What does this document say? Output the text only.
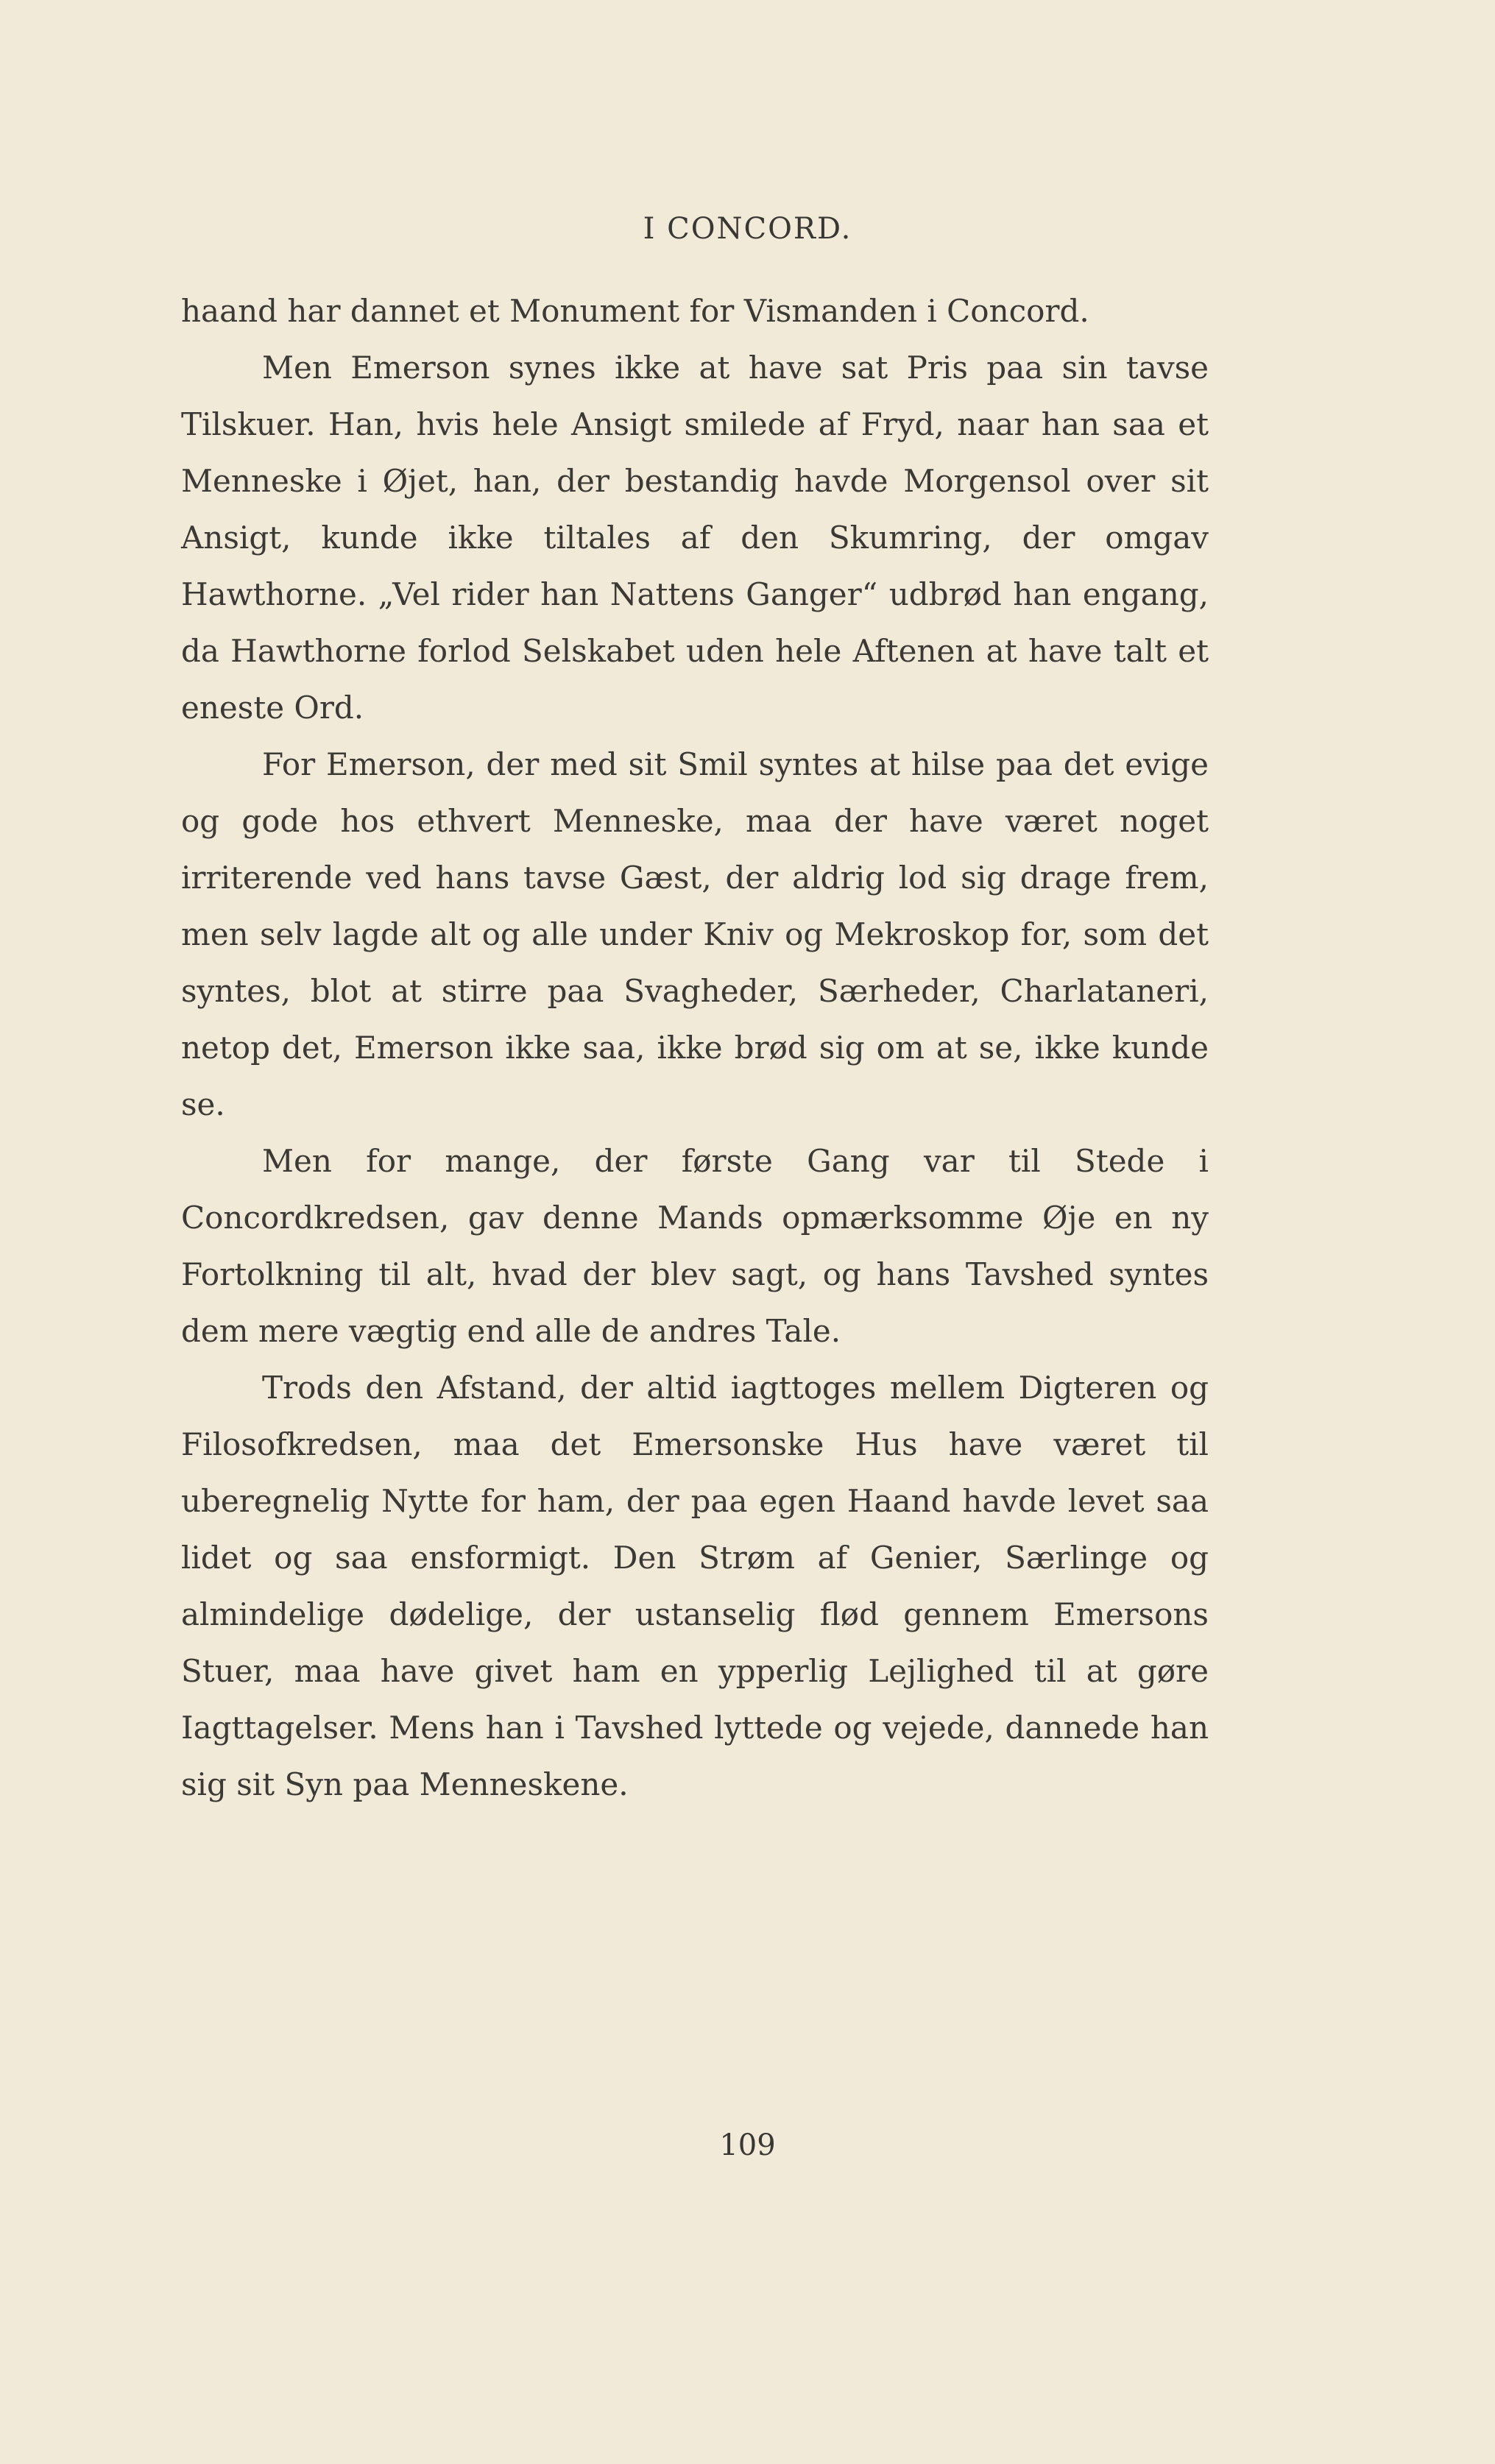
I CONCORD.

haand har dannet et Monument for Vismanden i Concord.

Men Emerson synes ikke at have sat Pris paa sin tavse Tilskuer. Han, hvis hele Ansigt smilede af Fryd, naar han saa et Menneske i Øjet, han, der bestandig havde Morgensol over sit Ansigt, kunde ikke tiltales af den Skumring, der omgav Hawthorne. „Vel rider han Nattens Ganger“ udbrød han engang, da Hawthorne forlod Selskabet uden hele Aftenen at have talt et eneste Ord.

For Emerson, der med sit Smil syntes at hilse paa det evige og gode hos ethvert Menneske, maa der have været noget irriterende ved hans tavse Gæst, der aldrig lod sig drage frem, men selv lagde alt og alle under Kniv og Mekroskop for, som det syntes, blot at stirre paa Svagheder, Særheder, Charlataneri, netop det, Emerson ikke saa, ikke brød sig om at se, ikke kunde se.

Men for mange, der første Gang var til Stede i Concordkredsen, gav denne Mands opmærksomme Øje en ny Fortolkning til alt, hvad der blev sagt, og hans Tavshed syntes dem mere vægtig end alle de andres Tale.

Trods den Afstand, der altid iagttoges mellem Digteren og Filosofkredsen, maa det Emersonske Hus have været til uberegnelig Nytte for ham, der paa egen Haand havde levet saa lidet og saa ensformigt. Den Strøm af Genier, Særlinge og almindelige dødelige, der ustanselig flød gennem Emersons Stuer, maa have givet ham en ypperlig Lejlighed til at gøre Iagttagelser. Mens han i Tavshed lyttede og vejede, dannede han sig sit Syn paa Menneskene.

109
